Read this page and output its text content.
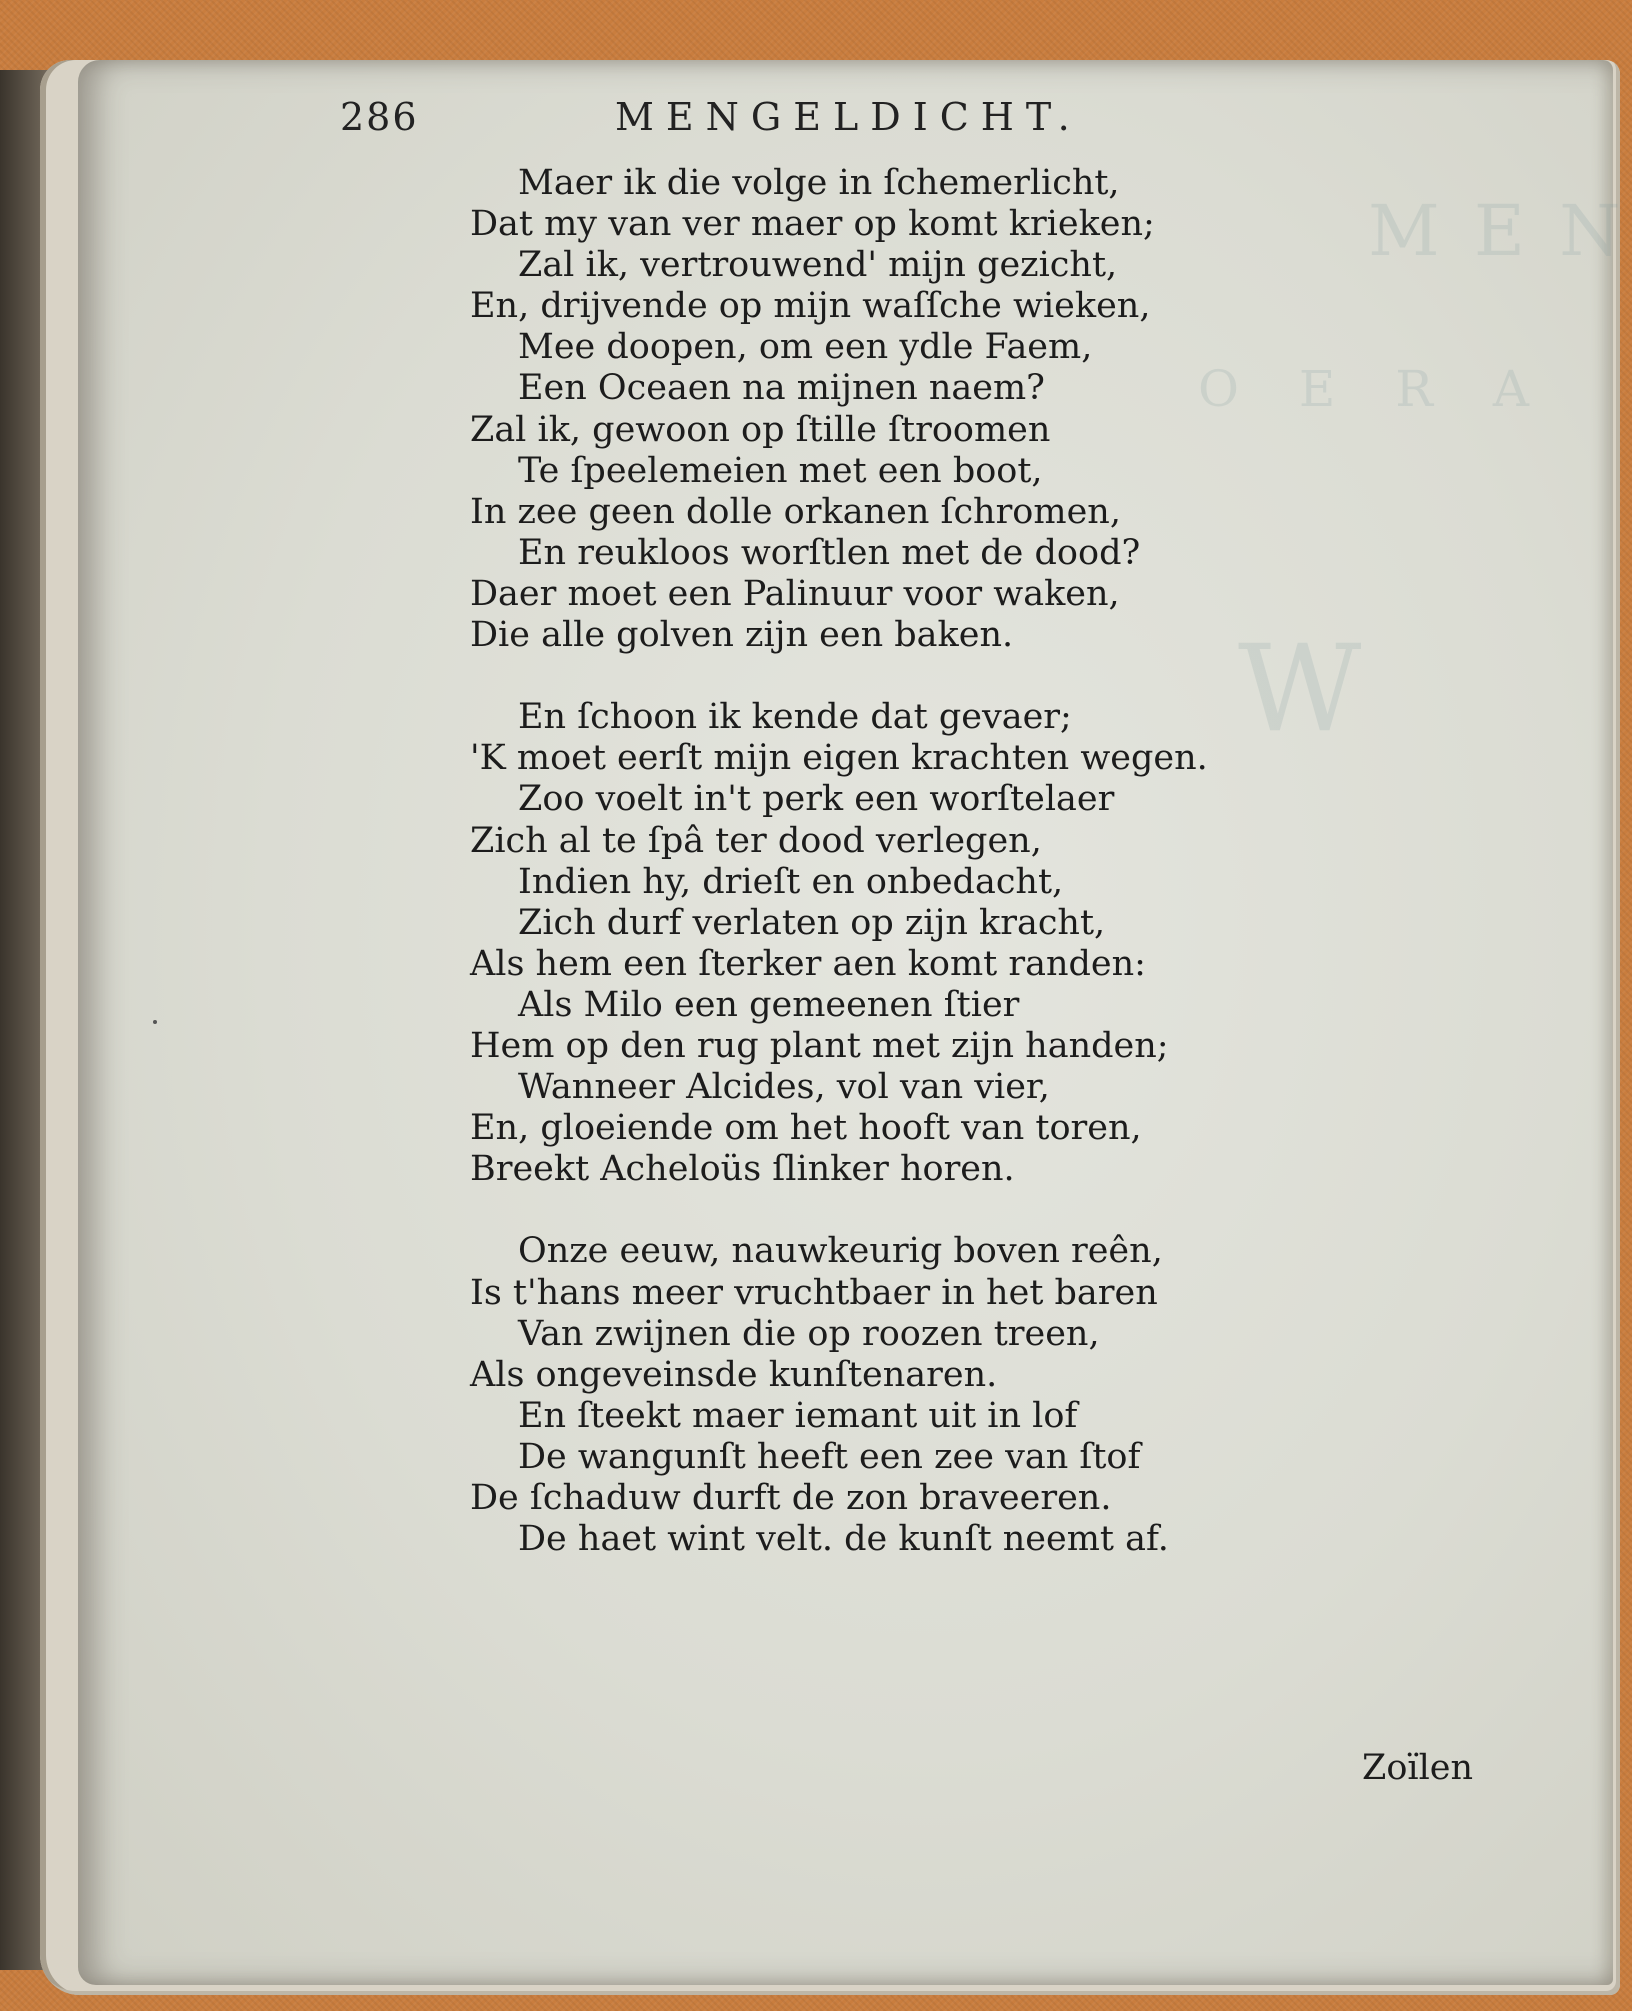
M E N
O E R A
W
286	MENGELDICHT.
Maer ik die volge in ſchemerlicht,
Dat my van ver maer op komt krieken;
Zal ik, vertrouwend' mijn gezicht,
En, drijvende op mijn waſſche wieken,
Mee doopen, om een ydle Faem,
Een Oceaen na mijnen naem?
Zal ik, gewoon op ſtille ſtroomen
Te ſpeelemeien met een boot,
In zee geen dolle orkanen ſchromen,
En reukloos worſtlen met de dood?
Daer moet een Palinuur voor waken,
Die alle golven zijn een baken.
En ſchoon ik kende dat gevaer;
'K moet eerſt mijn eigen krachten wegen.
Zoo voelt in't perk een worſtelaer
Zich al te ſpâ ter dood verlegen,
Indien hy, drieſt en onbedacht,
Zich durf verlaten op zijn kracht,
Als hem een ſterker aen komt randen:
Als Milo een gemeenen ſtier
Hem op den rug plant met zijn handen;
Wanneer Alcides, vol van vier,
En, gloeiende om het hooft van toren,
Breekt Acheloüs ſlinker horen.
Onze eeuw, nauwkeurig boven reên,
Is t'hans meer vruchtbaer in het baren
Van zwijnen die op roozen treen,
Als ongeveinsde kunſtenaren.
En ſteekt maer iemant uit in lof
De wangunſt heeft een zee van ſtof
De ſchaduw durft de zon braveeren.
De haet wint velt. de kunſt neemt af.
Zoïlen
